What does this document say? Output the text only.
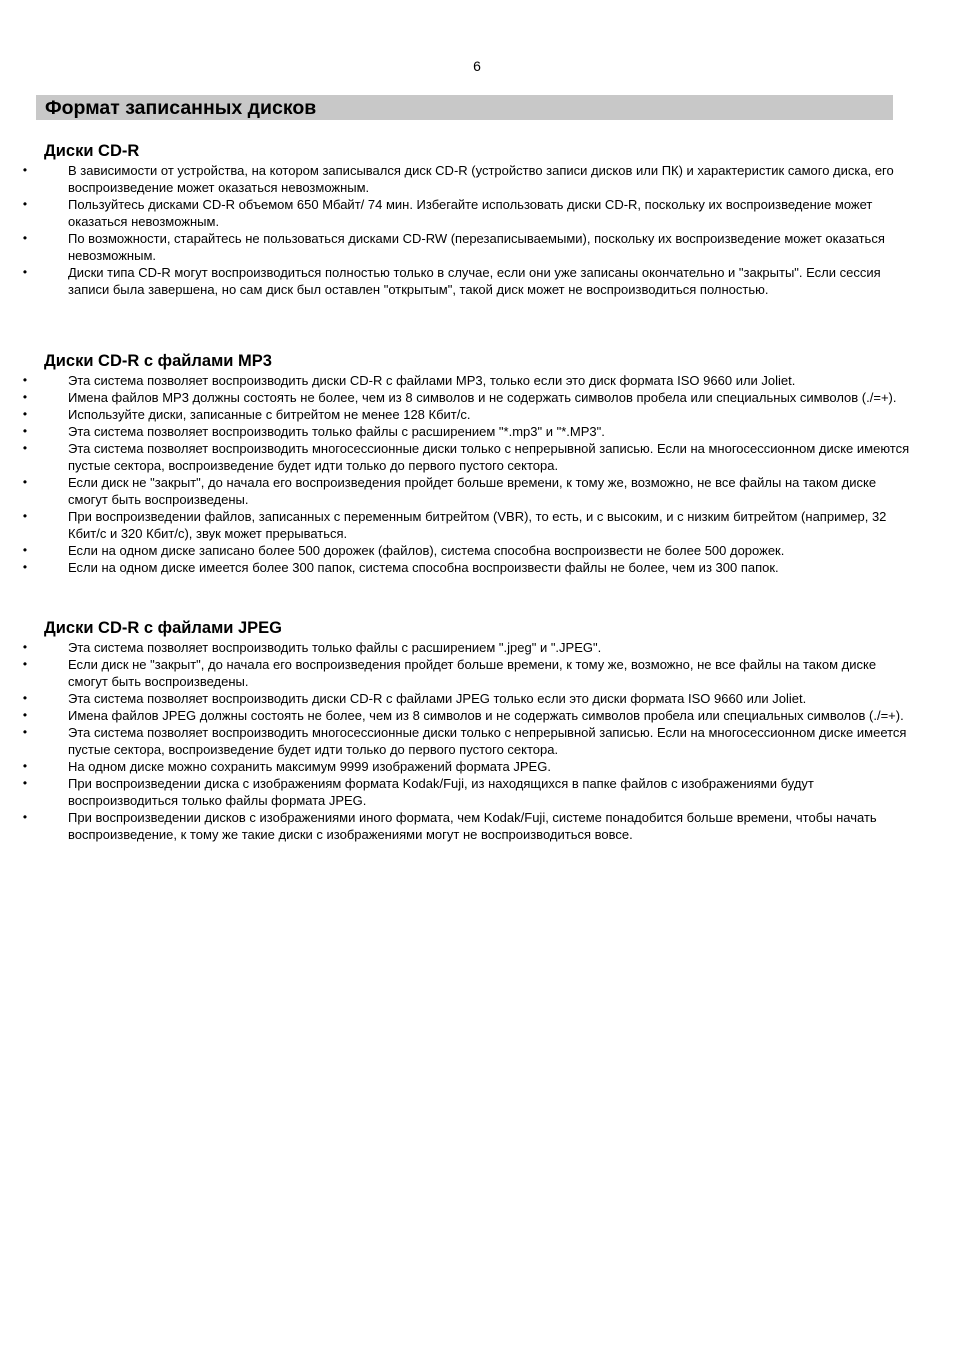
6
Формат записанных дисков
Диски CD-R
•	В зависимости от устройства, на котором записывался диск CD-R (устройство записи дисков или ПК) и характеристик самого диска, его воспроизведение может оказаться невозможным.
•	Пользуйтесь дисками CD-R объемом 650 Мбайт/ 74 мин. Избегайте использовать диски CD-R, поскольку их воспроизведение может оказаться невозможным.
•	По возможности, старайтесь не пользоваться дисками CD-RW (перезаписываемыми), поскольку их воспроизведение может оказаться невозможным.
•	Диски типа CD-R могут воспроизводиться полностью только в случае, если они уже записаны окончательно и "закрыты". Если сессия записи была завершена, но сам диск был оставлен "открытым", такой диск может не воспроизводиться полностью.
Диски CD-R с файлами MP3
•	Эта система позволяет воспроизводить диски CD-R с файлами MP3, только если это диск формата ISO 9660 или Joliet.
•	Имена файлов MP3 должны состоять не более, чем из 8 символов и не содержать символов пробела или специальных символов (./=+).
•	Используйте диски, записанные с битрейтом не менее 128 Кбит/с.
•	Эта система позволяет воспроизводить только файлы с расширением "*.mp3" и "*.MP3".
•	Эта система позволяет воспроизводить многосессионные диски только с непрерывной записью. Если на многосессионном диске имеются пустые сектора, воспроизведение будет идти только до первого пустого сектора.
•	Если диск не "закрыт", до начала его воспроизведения пройдет больше времени, к тому же, возможно, не все файлы на таком диске смогут быть воспроизведены.
•	При воспроизведении файлов, записанных с переменным битрейтом (VBR), то есть, и с высоким, и с низким битрейтом (например, 32 Кбит/с и 320 Кбит/с), звук может прерываться.
•	Если на одном диске записано более 500 дорожек (файлов), система способна воспроизвести не более 500 дорожек.
•	Если на одном диске имеется более 300 папок, система способна воспроизвести файлы не более, чем из 300 папок.
Диски CD-R с файлами JPEG
•	Эта система позволяет воспроизводить только файлы с расширением ".jpeg" и ".JPEG".
•	Если диск не "закрыт", до начала его воспроизведения пройдет больше времени, к тому же, возможно, не все файлы на таком диске смогут быть воспроизведены.
•	Эта система позволяет воспроизводить диски CD-R с файлами JPEG только если это диски формата ISO 9660 или Joliet.
•	Имена файлов JPEG должны состоять не более, чем из 8 символов и не содержать символов пробела или специальных символов (./=+).
•	Эта система позволяет воспроизводить многосессионные диски только с непрерывной записью. Если на многосессионном диске имеется пустые сектора, воспроизведение будет идти только до первого пустого сектора.
•	На одном диске можно сохранить максимум 9999 изображений формата JPEG.
•	При воспроизведении диска с изображениям формата Kodak/Fuji, из находящихся в папке файлов с изображениями будут воспроизводиться только файлы формата JPEG.
•	При воспроизведении дисков с изображениями иного формата, чем Kodak/Fuji, системе понадобится больше времени, чтобы начать воспроизведение, к тому же такие диски с изображениями могут не воспроизводиться вовсе.
